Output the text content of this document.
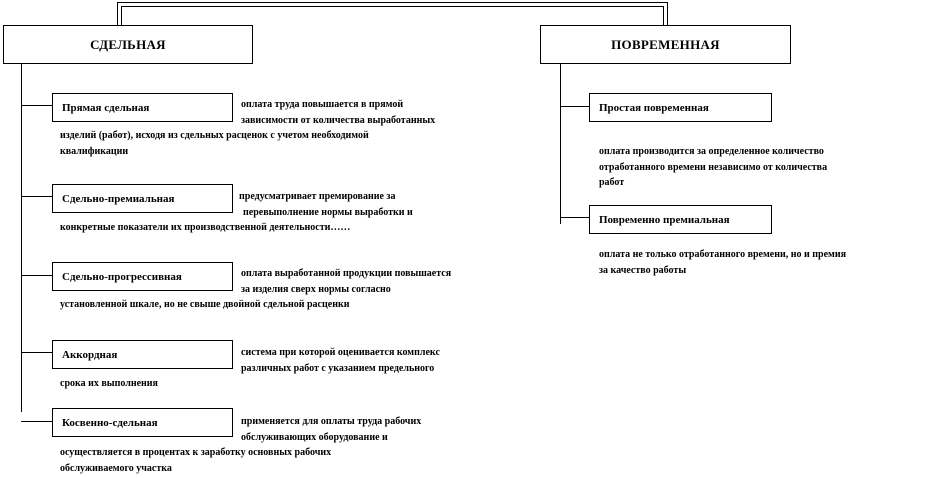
СДЕЛЬНАЯ	ПОВРЕМЕННАЯ
Прямая сдельная
Сдельно-премиальная
Сдельно-прогрессивная
Аккордная
Косвенно-сдельная
Простая повременная
Повременно премиальная
оплата труда повышается в прямой
зависимости от количества выработанных
изделий (работ), исходя из сдельных расценок с учетом необходимой
квалификации
предусматривает премирование за
перевыполнение нормы выработки и
конкретные показатели их производственной деятельности……
оплата выработанной продукции повышается
за изделия сверх нормы согласно
установленной шкале, но не свыше двойной сдельной расценки
система при которой оценивается комплекс
различных работ с указанием предельного
срока их выполнения
применяется для оплаты труда рабочих
обслуживающих оборудование и
осуществляется в процентах к заработку основных рабочих
обслуживаемого участка
оплата производится за определенное количество
отработанного времени независимо от количества
работ
оплата не только отработанного времени, но и премия
за качество работы
